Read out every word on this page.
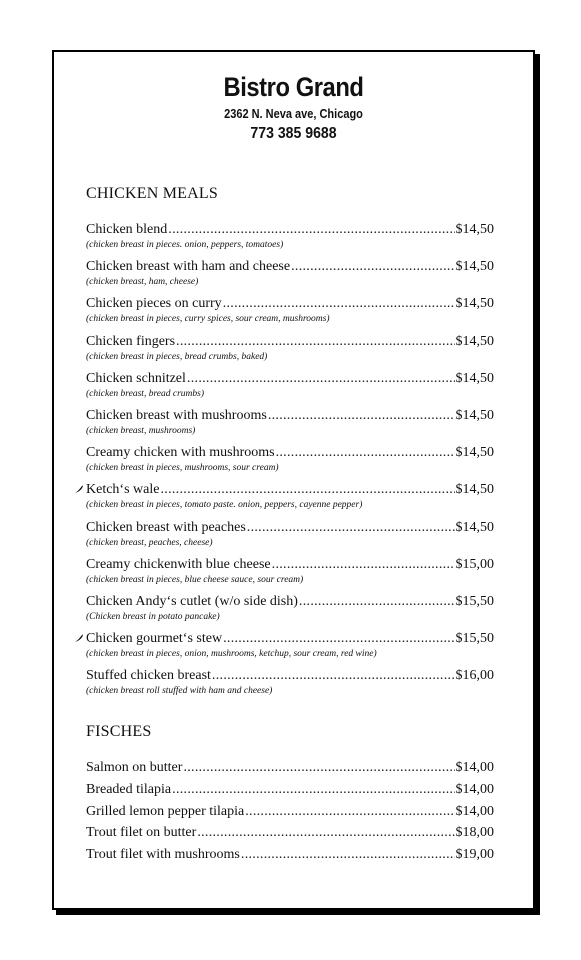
Bistro Grand
2362 N. Neva ave, Chicago
773 385 9688
CHICKEN MEALS
Chicken blend .....	$14,50
(chicken breast in pieces. onion, peppers, tomatoes)
Chicken breast with ham and cheese .....	$14,50
(chicken breast, ham, cheese)
Chicken pieces on curry .....	$14,50
(chicken breast in pieces, curry spices, sour cream, mushrooms)
Chicken fingers .....	$14,50
(chicken breast in pieces, bread crumbs, baked)
Chicken schnitzel .....	$14,50
(chicken breast, bread crumbs)
Chicken breast with mushrooms .....	$14,50
(chicken breast, mushrooms)
Creamy chicken with mushrooms .....	$14,50
(chicken breast in pieces, mushrooms, sour cream)
Ketch‘s wale .....	$14,50
(chicken breast in pieces, tomato paste. onion, peppers, cayenne pepper)
Chicken breast with peaches .....	$14,50
(chicken breast, peaches, cheese)
Creamy chickenwith blue cheese .....	$15,00
(chicken breast in pieces, blue cheese sauce, sour cream)
Chicken Andy‘s cutlet (w/o side dish) .....	$15,50
(Chicken breast in potato pancake)
Chicken gourmet‘s stew .....	$15,50
(chicken breast in pieces, onion, mushrooms, ketchup, sour cream, red wine)
Stuffed chicken breast .....	$16,00
(chicken breast roll stuffed with ham and cheese)
FISCHES
Salmon on butter .....	$14,00
Breaded tilapia .....	$14,00
Grilled lemon pepper tilapia .....	$14,00
Trout filet on butter .....	$18,00
Trout filet with mushrooms .....	$19,00
